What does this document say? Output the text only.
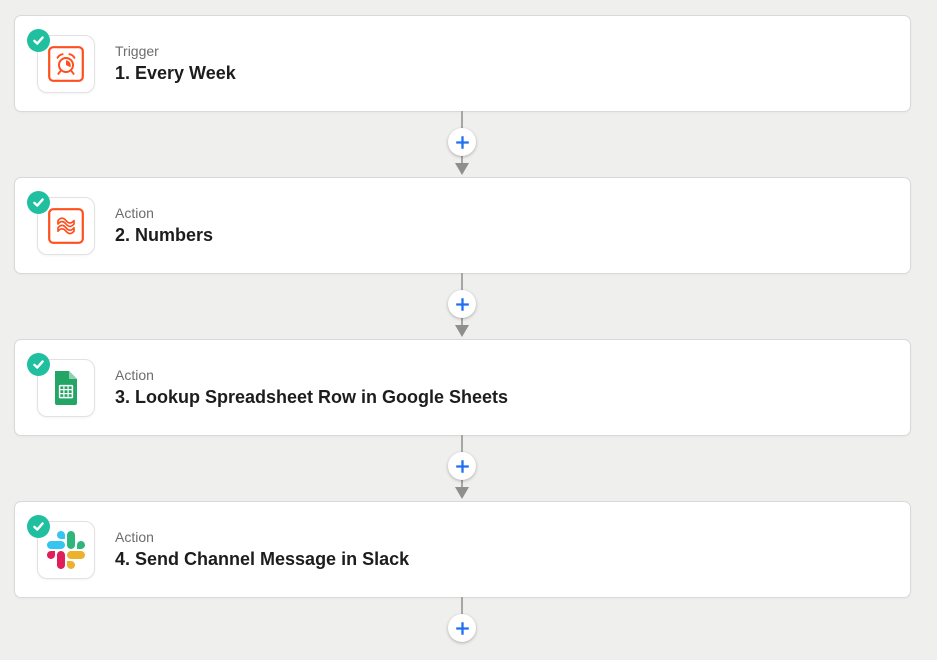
Trigger
1. Every Week
Action
2. Numbers
Action
3. Lookup Spreadsheet Row in Google Sheets
Action
4. Send Channel Message in Slack
